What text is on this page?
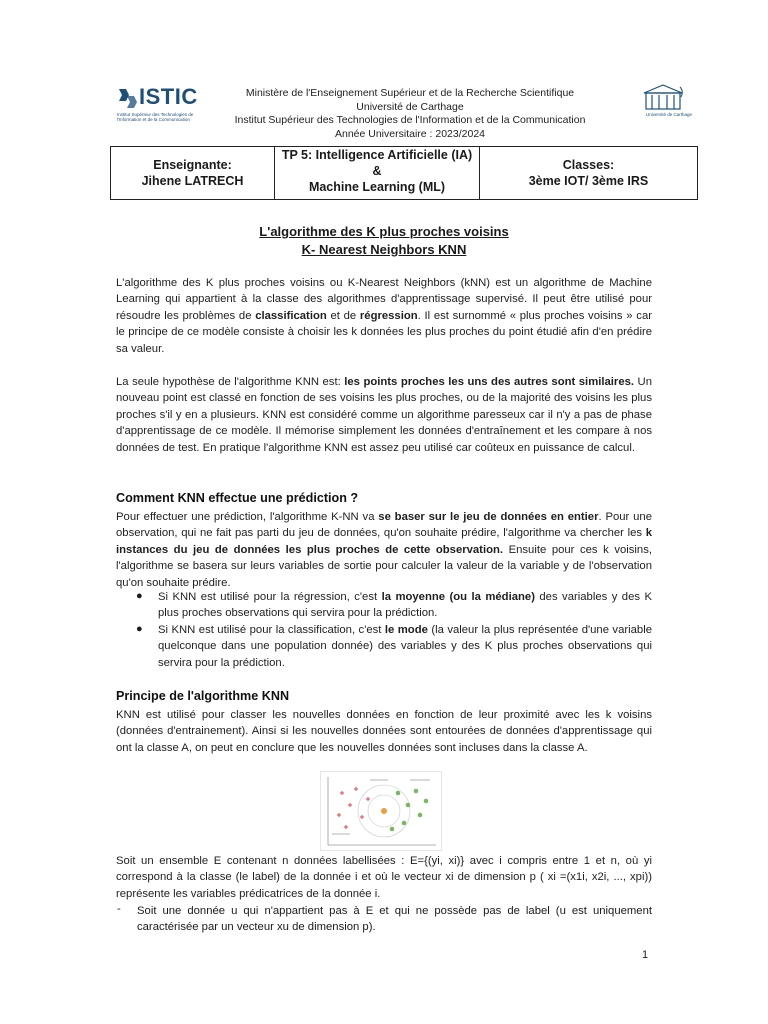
ISTIC
Institut Supérieur des Technologies de l'Information et de la Communication
Ministère de l'Enseignement Supérieur et de la Recherche Scientifique
Université de Carthage
Institut Supérieur des Technologies de l'Information et de la Communication
Année Universitaire : 2023/2024
Université de Carthage
Enseignante:
Jihene LATRECH
TP 5: Intelligence Artificielle (IA)
&
Machine Learning (ML)
Classes:
3ème IOT/ 3ème IRS
L'algorithme des K plus proches voisins
K- Nearest Neighbors KNN
L'algorithme des K plus proches voisins ou K-Nearest Neighbors (kNN) est un algorithme de Machine Learning qui appartient à la classe des algorithmes d'apprentissage supervisé. Il peut être utilisé pour résoudre les problèmes de classification et de régression. Il est surnommé « plus proches voisins » car le principe de ce modèle consiste à choisir les k données les plus proches du point étudié afin d'en prédire sa valeur.
La seule hypothèse de l'algorithme KNN est: les points proches les uns des autres sont similaires. Un nouveau point est classé en fonction de ses voisins les plus proches, ou de la majorité des voisins les plus proches s'il y en a plusieurs. KNN est considéré comme un algorithme paresseux car il n'y a pas de phase d'apprentissage de ce modèle. Il mémorise simplement les données d'entraînement et les compare à nos données de test. En pratique l'algorithme KNN est assez peu utilisé car coûteux en puissance de calcul.
Comment KNN effectue une prédiction ?
Pour effectuer une prédiction, l'algorithme K-NN va se baser sur le jeu de données en entier. Pour une observation, qui ne fait pas parti du jeu de données, qu'on souhaite prédire, l'algorithme va chercher les k instances du jeu de données les plus proches de cette observation. Ensuite pour ces k voisins, l'algorithme se basera sur leurs variables de sortie pour calculer la valeur de la variable y de l'observation qu'on souhaite prédire.
● Si KNN est utilisé pour la régression, c'est la moyenne (ou la médiane) des variables y des K plus proches observations qui servira pour la prédiction.
● Si KNN est utilisé pour la classification, c'est le mode (la valeur la plus représentée d'une variable quelconque dans une population donnée) des variables y des K plus proches observations qui servira pour la prédiction.
Principe de l'algorithme KNN
KNN est utilisé pour classer les nouvelles données en fonction de leur proximité avec les k voisins (données d'entrainement). Ainsi si les nouvelles données sont entourées de données d'apprentissage qui ont la classe A, on peut en conclure que les nouvelles données sont incluses dans la classe A.
Soit un ensemble E contenant n données labellisées : E={(yi, xi)} avec i compris entre 1 et n, où yi correspond à la classe (le label) de la donnée i et où le vecteur xi de dimension p ( xi =(x1i, x2i, ..., xpi)) représente les variables prédicatrices de la donnée i.
- Soit une donnée u qui n'appartient pas à E et qui ne possède pas de label (u est uniquement caractérisée par un vecteur xu de dimension p).
1
